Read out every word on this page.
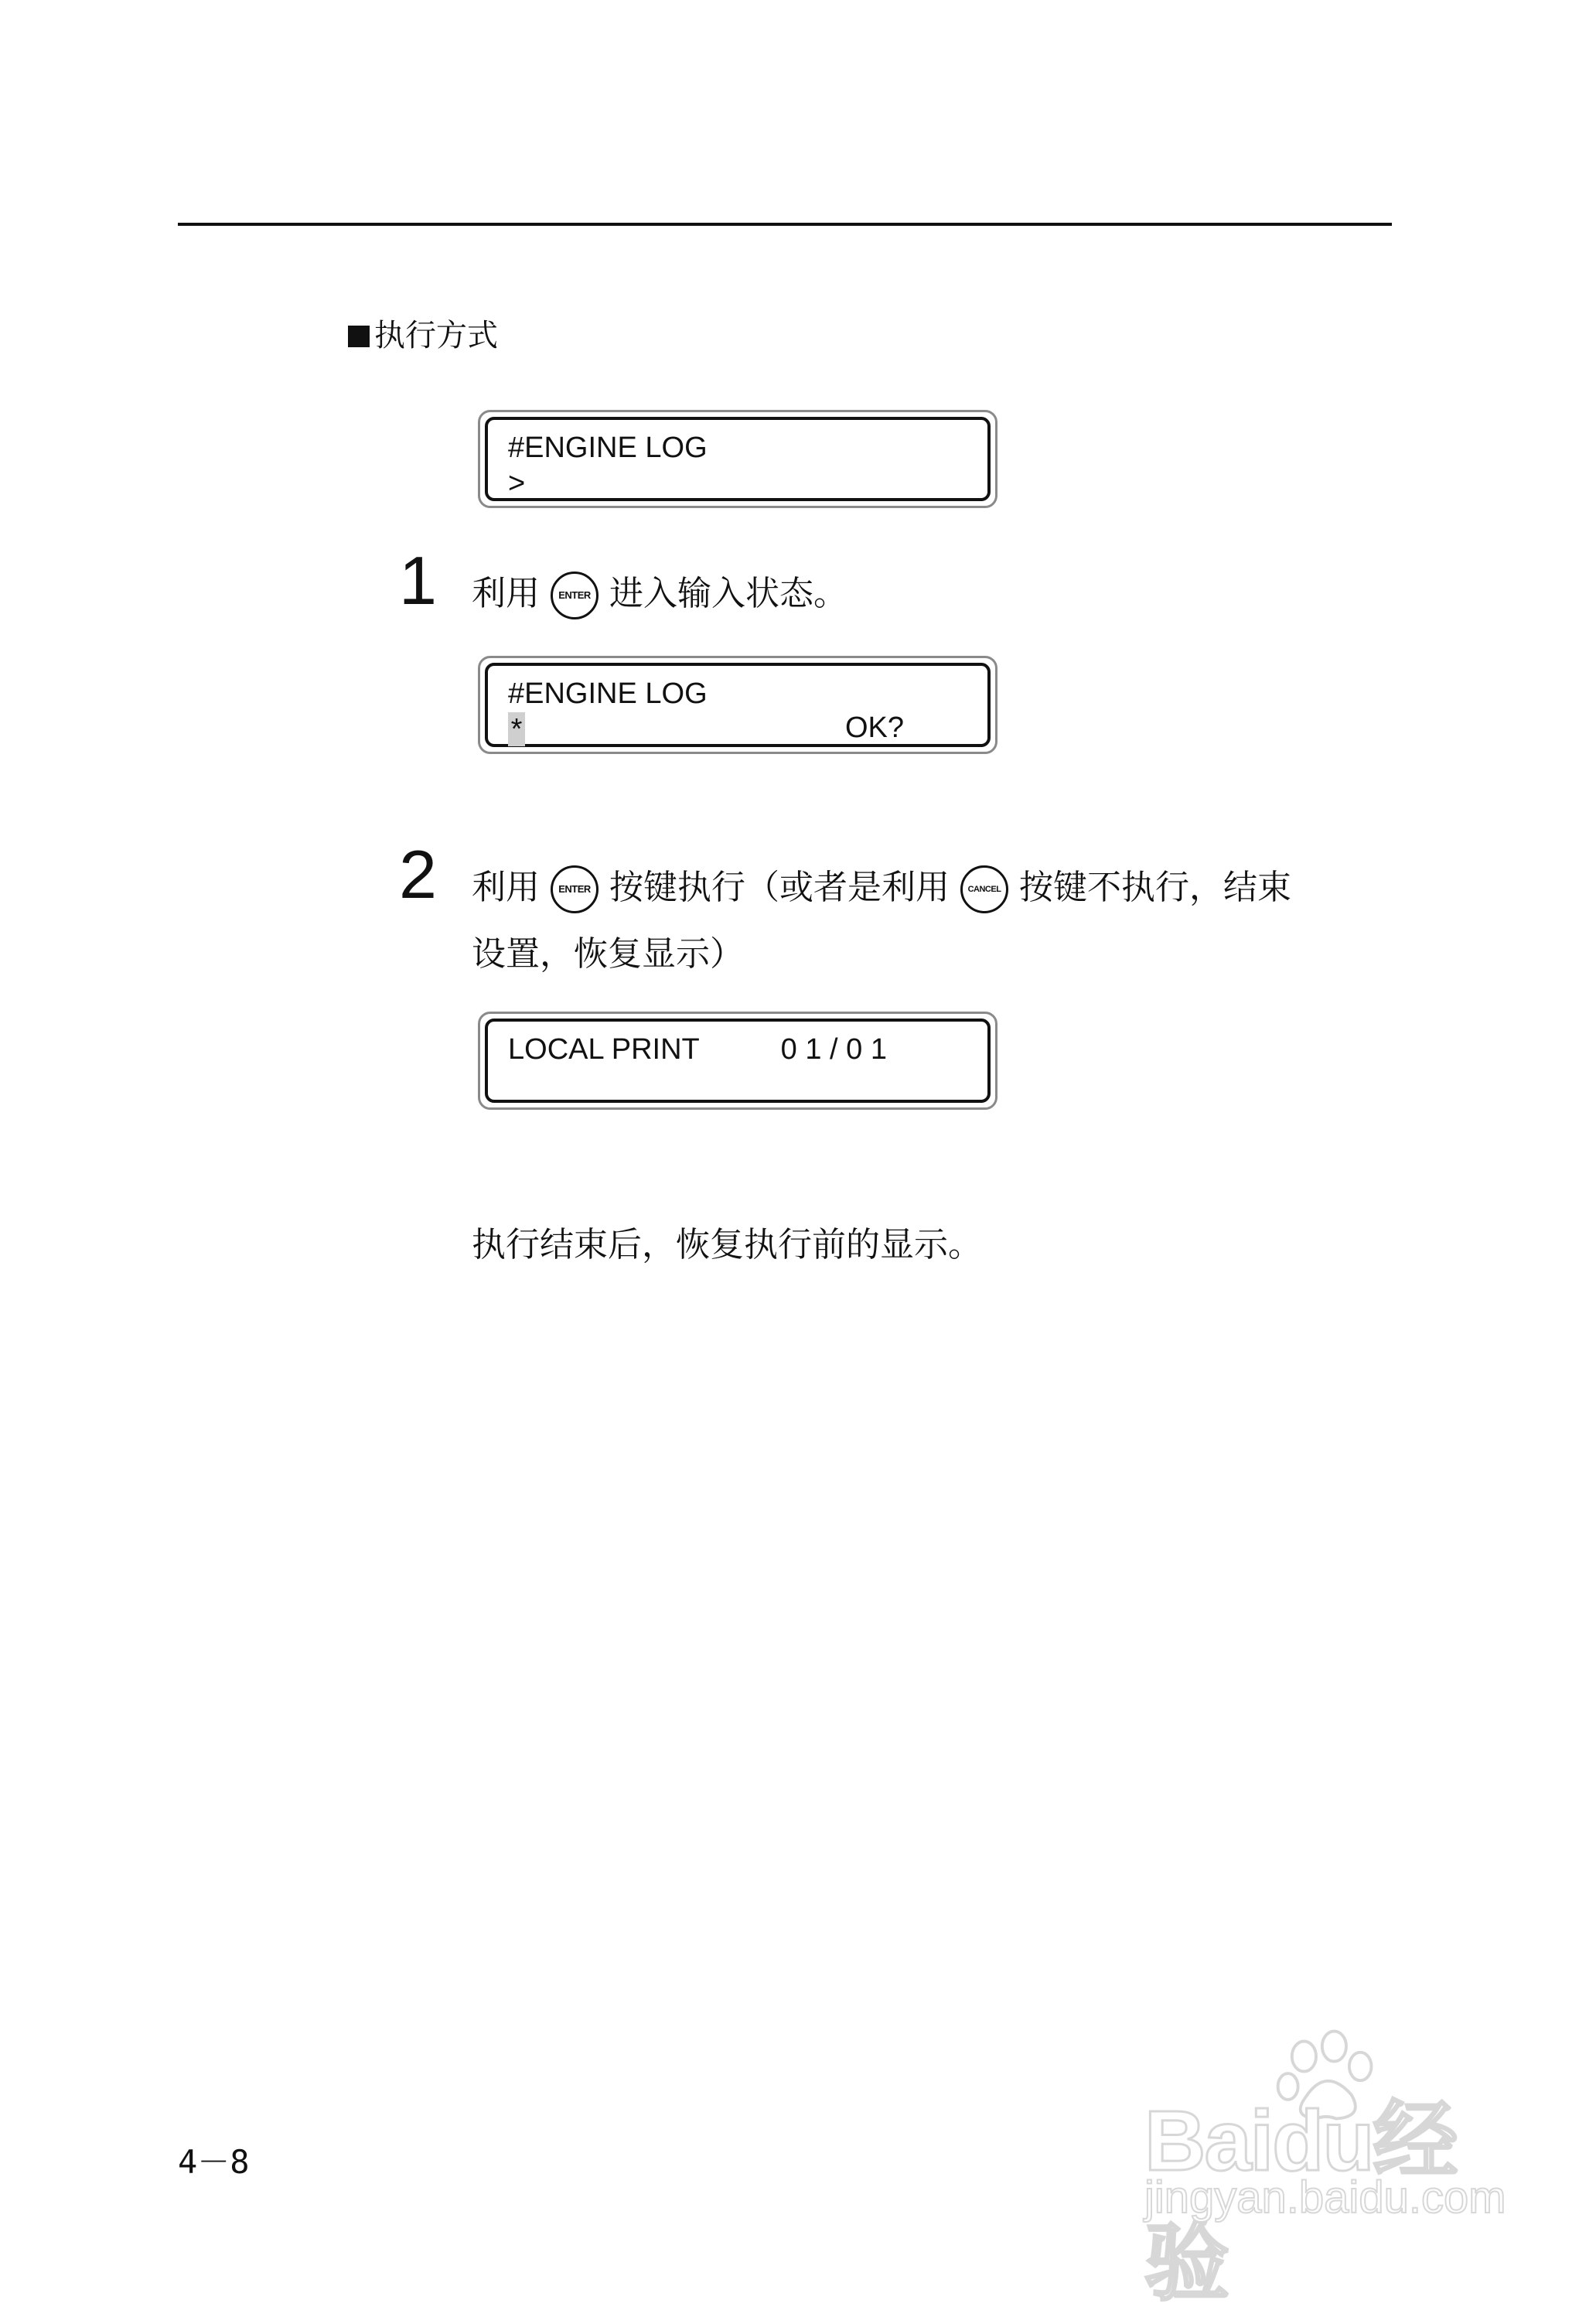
执行方式
#ENGINE LOG
>
1 利用 ENTER 进入输入状态。
#ENGINE LOG
*	OK?
2 利用 ENTER 按键执行（或者是利用 CANCEL 按键不执行，结束
设置，恢复显示）
LOCAL PRINT          0 1 / 0 1
执行结束后，恢复执行前的显示。
4－8	Baidu经验
jingyan.baidu.com
